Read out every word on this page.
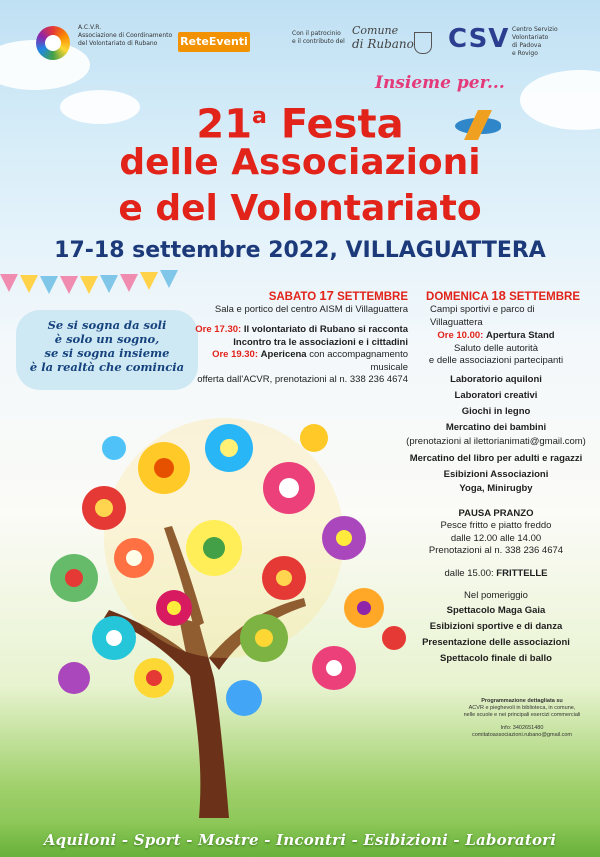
A.C.V.R.
Associazione di Coordinamento
del Volontariato di Rubano	ReteEventi
Con il patrocinio
e il contributo del
Comune
di Rubano CSV Centro Servizio
Volontariato
di Padova
e Rovigo
Insieme per...
21$^a$ Festa
delle Associazioni
e del Volontariato
17-18 settembre 2022, VILLAGUATTERA
Se si sogna da soli
è solo un sogno,
se si sogna insieme
è la realtà che comincia
SABATO 17 SETTEMBRE
Sala e portico del centro AISM di Villaguattera
Ore 17.30: Il volontariato di Rubano si racconta
Incontro tra le associazioni e i cittadini
Ore 19.30: Apericena con accompagnamento musicale
offerta dall'ACVR, prenotazioni al n. 338 236 4674
DOMENICA 18 SETTEMBRE
Campi sportivi e parco di Villaguattera
Ore 10.00: Apertura Stand
Saluto delle autorità
e delle associazioni partecipanti
Laboratorio aquiloni
Laboratori creativi
Giochi in legno
Mercatino dei bambini
(prenotazioni al ilettorianimati@gmail.com)
Mercatino del libro per adulti e ragazzi
Esibizioni Associazioni
Yoga, Minirugby
PAUSA PRANZO
Pesce fritto e piatto freddo
dalle 12.00 alle 14.00
Prenotazioni al n. 338 236 4674
dalle 15.00: FRITTELLE
Nel pomeriggio
Spettacolo Maga Gaia
Esibizioni sportive e di danza
Presentazione delle associazioni
Spettacolo finale di ballo
Programmazione dettagliata su
ACVR e pieghevoli in biblioteca, in comune,
nelle scuole e nei principali esercizi commerciali
Info: 3402651480
comitatoassociazioni.rubano@gmail.com
Aquiloni - Sport - Mostre - Incontri - Esibizioni - Laboratori
